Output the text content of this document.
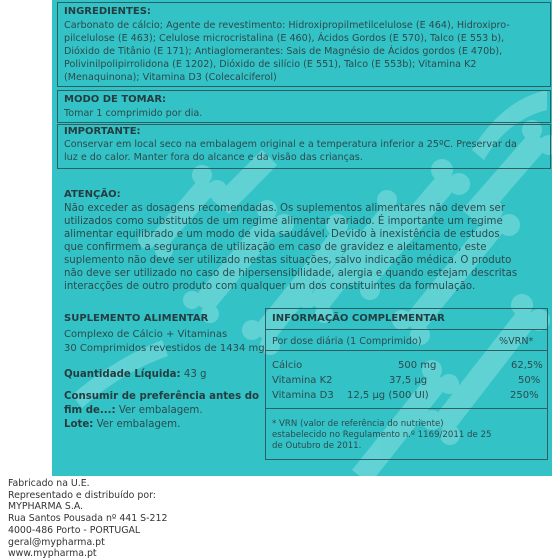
INGREDIENTES:
Carbonato de cálcio; Agente de revestimento: Hidroxipropilmetilcelulose (E 464), Hidroxipro-
pilcelulose (E 463); Celulose microcristalina (E 460), Ácidos Gordos (E 570), Talco (E 553 b),
Dióxido de Titânio (E 171); Antiaglomerantes: Sais de Magnésio de Ácidos gordos (E 470b),
Polivinilpolipirrolidona (E 1202), Dióxido de silício (E 551), Talco (E 553b); Vitamina K2
(Menaquinona); Vitamina D3 (Colecalciferol)
MODO DE TOMAR:
Tomar 1 comprimido por dia.
IMPORTANTE:
Conservar em local seco na embalagem original e a temperatura inferior a 25ºC. Preservar da
luz e do calor. Manter fora do alcance e da visão das crianças.
ATENÇÃO:
Não exceder as dosagens recomendadas. Os suplementos alimentares não devem ser
utilizados como substitutos de um regime alimentar variado. É importante um regime
alimentar equilibrado e um modo de vida saudável. Devido à inexistência de estudos
que confirmem a segurança de utilização em caso de gravidez e aleitamento, este
suplemento não deve ser utilizado nestas situações, salvo indicação médica. O produto
não deve ser utilizado no caso de hipersensibilidade, alergia e quando estejam descritas
interacções de outro produto com qualquer um dos constituintes da formulação.
SUPLEMENTO ALIMENTAR
Complexo de Cálcio + Vitaminas
30 Comprimidos revestidos de 1434 mg
Quantidade Líquida: 43 g
Consumir de preferência antes do
fim de...: Ver embalagem.
Lote: Ver embalagem.
INFORMAÇÃO COMPLEMENTAR
Por dose diária (1 Comprimido)	%VRN*
Cálcio	500 mg	62,5%
Vitamina K2	37,5 µg	50%
Vitamina D3 12,5 µg (500 UI)	250%
* VRN (valor de referência do nutriente)
estabelecido no Regulamento n.º 1169/2011 de 25
de Outubro de 2011.
Fabricado na U.E.
Representado e distribuído por:
MYPHARMA S.A.
Rua Santos Pousada nº 441 S-212
4000-486 Porto - PORTUGAL
geral@mypharma.pt
www.mypharma.pt
